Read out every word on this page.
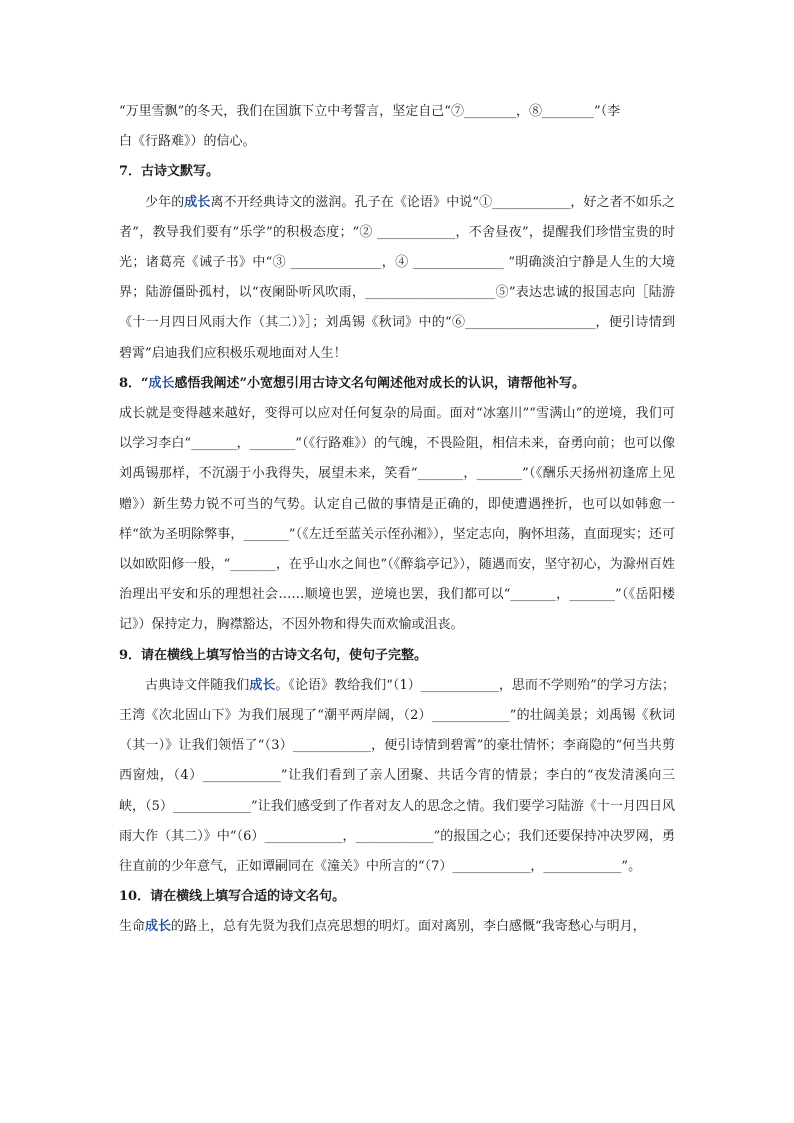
“万里雪飘”的冬天，我们在国旗下立中考誓言，坚定自己“⑦________，⑧________”（李

白《行路难》）的信心。

7．古诗文默写。

少年的成长离不开经典诗文的滋润。孔子在《论语》中说“①____________，好之者不如乐之者”，教导我们要有“乐学”的积极态度；“② ____________，不舍昼夜”，提醒我们珍惜宝贵的时光；诸葛亮《诫子书》中“③ ______________，④ ______________ ”明确淡泊宁静是人生的大境界；陆游僵卧孤村，以“夜阑卧听风吹雨，____________________⑤”表达忠诚的报国志向［陆游《十一月四日风雨大作（其二）》］；刘禹锡《秋词》中的“⑥____________________，便引诗情到碧霄”启迪我们应积极乐观地面对人生！

8．“成长感悟我阐述”小宽想引用古诗文名句阐述他对成长的认识，请帮他补写。

成长就是变得越来越好，变得可以应对任何复杂的局面。面对“冰塞川”“雪满山”的逆境，我们可以学习李白“_______，_______”（《行路难》）的气魄，不畏险阻，相信未来，奋勇向前；也可以像刘禹锡那样，不沉溺于小我得失，展望未来，笑看“_______，_______”（《酬乐天扬州初逢席上见赠》）新生势力锐不可当的气势。认定自己做的事情是正确的，即使遭遇挫折，也可以如韩愈一样“欲为圣明除弊事，_______”（《左迁至蓝关示侄孙湘》），坚定志向，胸怀坦荡，直面现实；还可以如欧阳修一般，“_______，在乎山水之间也”（《醉翁亭记》），随遇而安，坚守初心，为滁州百姓治理出平安和乐的理想社会……顺境也罢，逆境也罢，我们都可以“_______，_______”（《岳阳楼记》）保持定力，胸襟豁达，不因外物和得失而欢愉或沮丧。

9．请在横线上填写恰当的古诗文名句，使句子完整。

古典诗文伴随我们成长。《论语》教给我们“（1）____________，思而不学则殆”的学习方法；王湾《次北固山下》为我们展现了“潮平两岸阔，（2）____________”的壮阔美景；刘禹锡《秋词（其一）》让我们领悟了“（3）____________，便引诗情到碧霄”的豪壮情怀；李商隐的“何当共剪西窗烛，（4）____________”让我们看到了亲人团聚、共话今宵的情景；李白的“夜发清溪向三峡，（5）____________”让我们感受到了作者对友人的思念之情。我们要学习陆游《十一月四日风雨大作（其二）》中“（6）____________，____________”的报国之心；我们还要保持冲决罗网，勇往直前的少年意气，正如谭嗣同在《潼关》中所言的“（7）____________，____________”。

10．请在横线上填写合适的诗文名句。

生命成长的路上，总有先贤为我们点亮思想的明灯。面对离别，李白感慨“我寄愁心与明月，
